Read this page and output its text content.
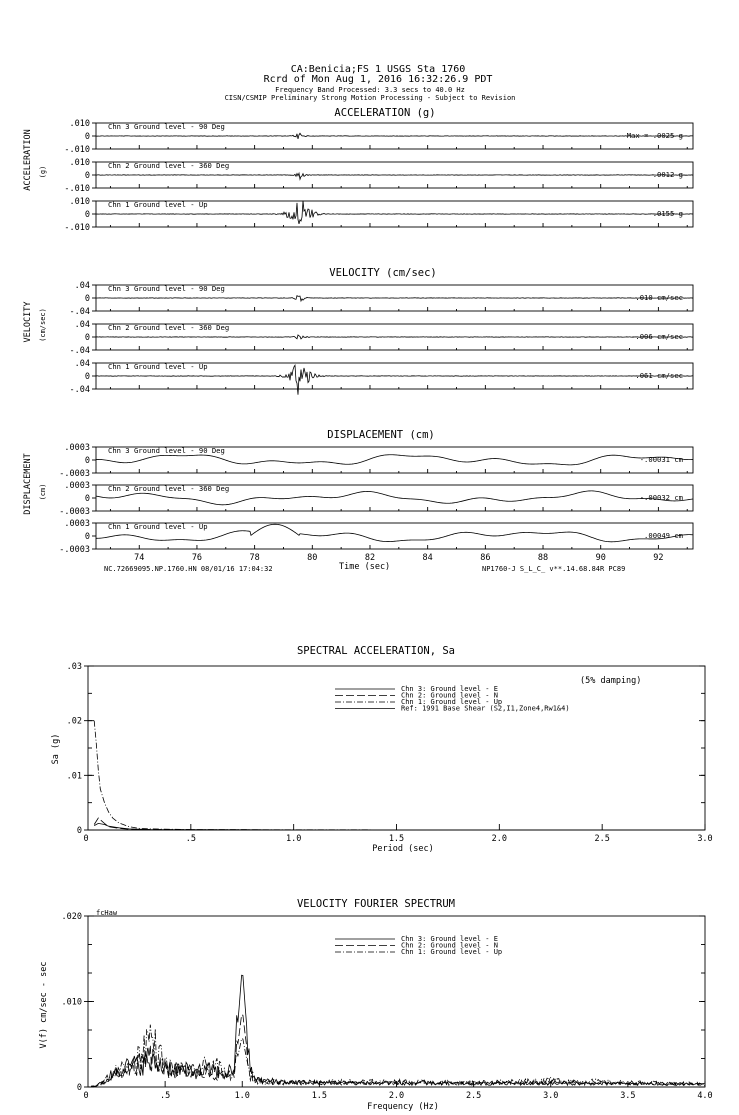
CA:Benicia;FS 1 USGS Sta 1760
Rcrd of Mon Aug 1, 2016 16:32:26.9 PDT
Frequency Band Processed: 3.3 secs to 40.0 Hz
CISN/CSMIP Preliminary Strong Motion Processing - Subject to Revision
ACCELERATION (g)
ACCELERATION (g)
.010
0
-.010
Chn 3 Ground level - 90 Deg
Max = .0025 g
.010
0
-.010
Chn 2 Ground level - 360 Deg
.0012 g
.010
0
-.010
Chn 1 Ground level - Up
-.0155 g
VELOCITY (cm/sec)
VELOCITY (cm/sec)
.04
0
-.04
Chn 3 Ground level - 90 Deg
.010 cm/sec
.04
0
-.04
Chn 2 Ground level - 360 Deg
-.006 cm/sec
.04
0
-.04
Chn 1 Ground level - Up
.061 cm/sec
DISPLACEMENT (cm)
DISPLACEMENT (cm)
Time (sec)
NC.72669095.NP.1760.HN 08/01/16 17:04:32	NP1760-J S_L_C_ v**.14.68.84R PC89
.0003
0
-.0003
Chn 3 Ground level - 90 Deg
-.00031 cm
.0003
0
-.0003
Chn 2 Ground level - 360 Deg
-.00032 cm
.0003
0
-.0003
Chn 1 Ground level - Up
.00049 cm
74	76	78	80	82	84	86	88	90	92
SPECTRAL ACCELERATION, Sa
Period (sec)
Sa (g)
(5% damping)
.03
.02
.01
0
.5	1.0	1.5	2.0	2.5	3.0
0
Chn 3: Ground level - E
Chn 2: Ground level - N
Chn 1: Ground level - Up
Ref: 1991 Base Shear (S2,I1,Zone4,Rw1&4)
VELOCITY FOURIER SPECTRUM
Frequency (Hz)
V(f) cm/sec - sec
fcHaw
.020
.010
0
.5	1.0	1.5	2.0	2.5	3.0	3.5	4.0
0
Chn 3: Ground level - E
Chn 2: Ground level - N
Chn 1: Ground level - Up
